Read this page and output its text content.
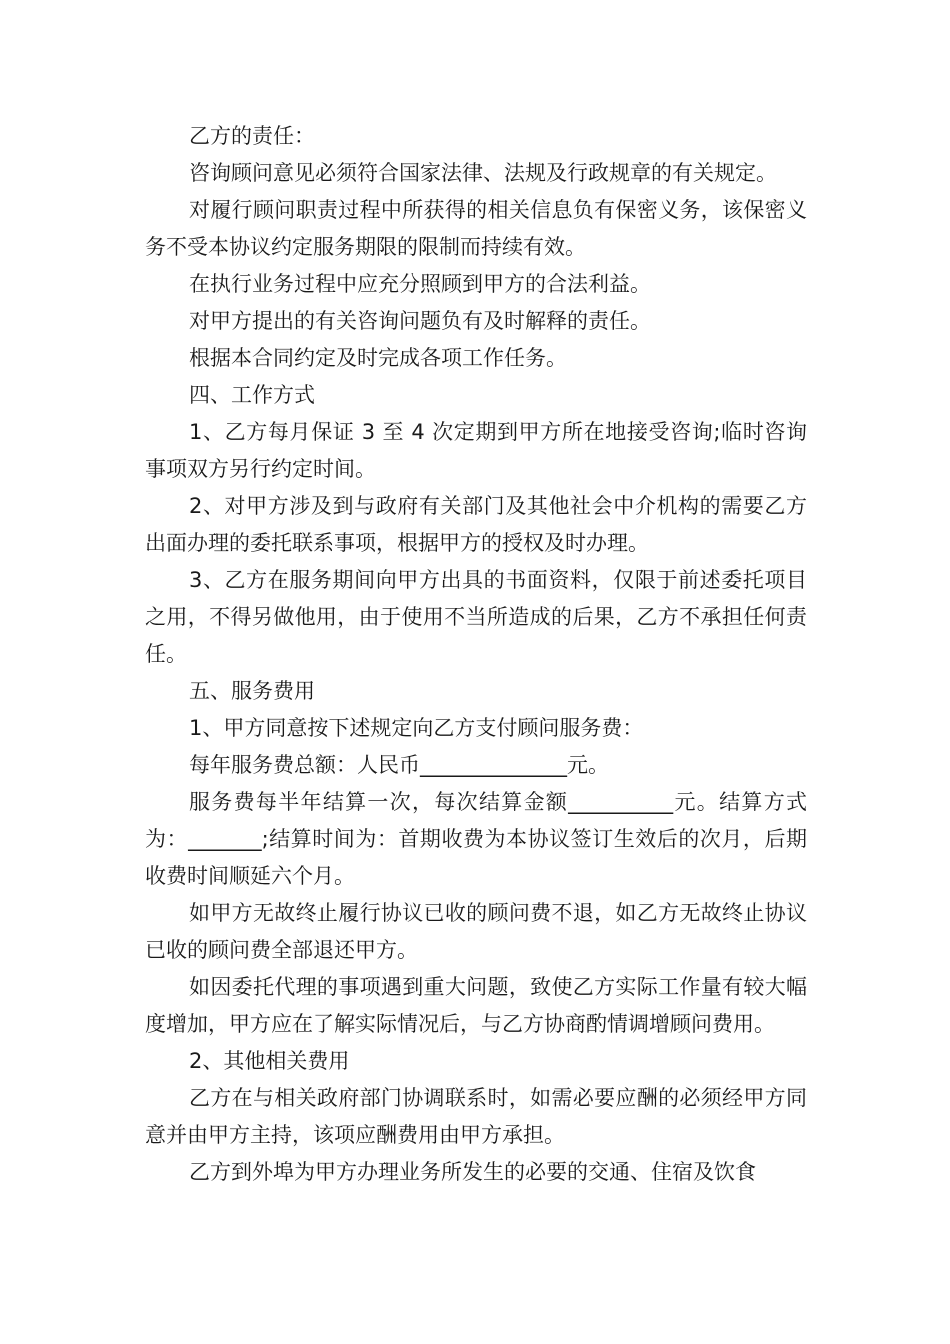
乙方的责任：

咨询顾问意见必须符合国家法律、法规及行政规章的有关规定。

对履行顾问职责过程中所获得的相关信息负有保密义务，该保密义务不受本协议约定服务期限的限制而持续有效。

在执行业务过程中应充分照顾到甲方的合法利益。

对甲方提出的有关咨询问题负有及时解释的责任。

根据本合同约定及时完成各项工作任务。

四、工作方式

1、乙方每月保证 3 至 4 次定期到甲方所在地接受咨询;临时咨询事项双方另行约定时间。

2、对甲方涉及到与政府有关部门及其他社会中介机构的需要乙方出面办理的委托联系事项，根据甲方的授权及时办理。

3、乙方在服务期间向甲方出具的书面资料，仅限于前述委托项目之用，不得另做他用，由于使用不当所造成的后果，乙方不承担任何责任。

五、服务费用

1、甲方同意按下述规定向乙方支付顾问服务费：

每年服务费总额：人民币______________元。

服务费每半年结算一次，每次结算金额__________元。结算方式为：_______;结算时间为：首期收费为本协议签订生效后的次月，后期收费时间顺延六个月。

如甲方无故终止履行协议已收的顾问费不退，如乙方无故终止协议已收的顾问费全部退还甲方。

如因委托代理的事项遇到重大问题，致使乙方实际工作量有较大幅度增加，甲方应在了解实际情况后，与乙方协商酌情调增顾问费用。

2、其他相关费用

乙方在与相关政府部门协调联系时，如需必要应酬的必须经甲方同意并由甲方主持，该项应酬费用由甲方承担。

乙方到外埠为甲方办理业务所发生的必要的交通、住宿及饮食
